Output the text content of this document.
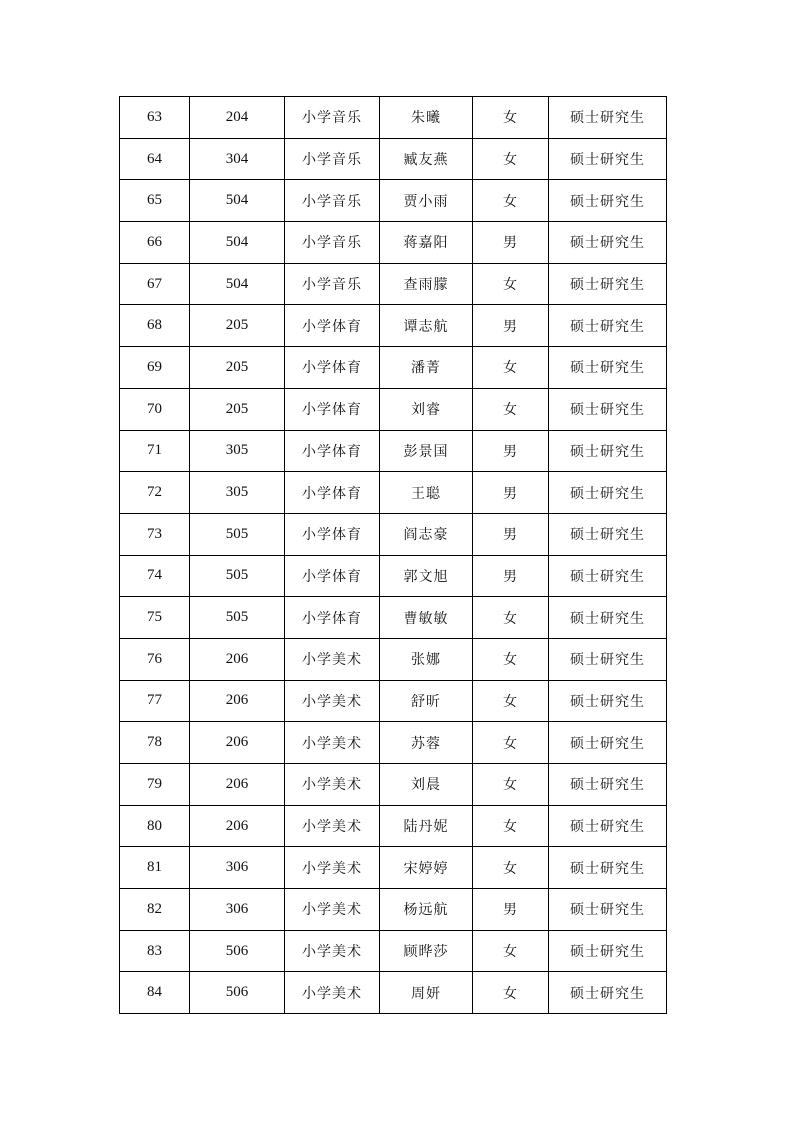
63	204	小学音乐	朱曦	女	硕士研究生
64	304	小学音乐	臧友燕	女	硕士研究生
65	504	小学音乐	贾小雨	女	硕士研究生
66	504	小学音乐	蒋嘉阳	男	硕士研究生
67	504	小学音乐	查雨朦	女	硕士研究生
68	205	小学体育	谭志航	男	硕士研究生
69	205	小学体育	潘菁	女	硕士研究生
70	205	小学体育	刘睿	女	硕士研究生
71	305	小学体育	彭景国	男	硕士研究生
72	305	小学体育	王聪	男	硕士研究生
73	505	小学体育	阎志豪	男	硕士研究生
74	505	小学体育	郭文旭	男	硕士研究生
75	505	小学体育	曹敏敏	女	硕士研究生
76	206	小学美术	张娜	女	硕士研究生
77	206	小学美术	舒昕	女	硕士研究生
78	206	小学美术	苏蓉	女	硕士研究生
79	206	小学美术	刘晨	女	硕士研究生
80	206	小学美术	陆丹妮	女	硕士研究生
81	306	小学美术	宋婷婷	女	硕士研究生
82	306	小学美术	杨远航	男	硕士研究生
83	506	小学美术	顾晔莎	女	硕士研究生
84	506	小学美术	周妍	女	硕士研究生
